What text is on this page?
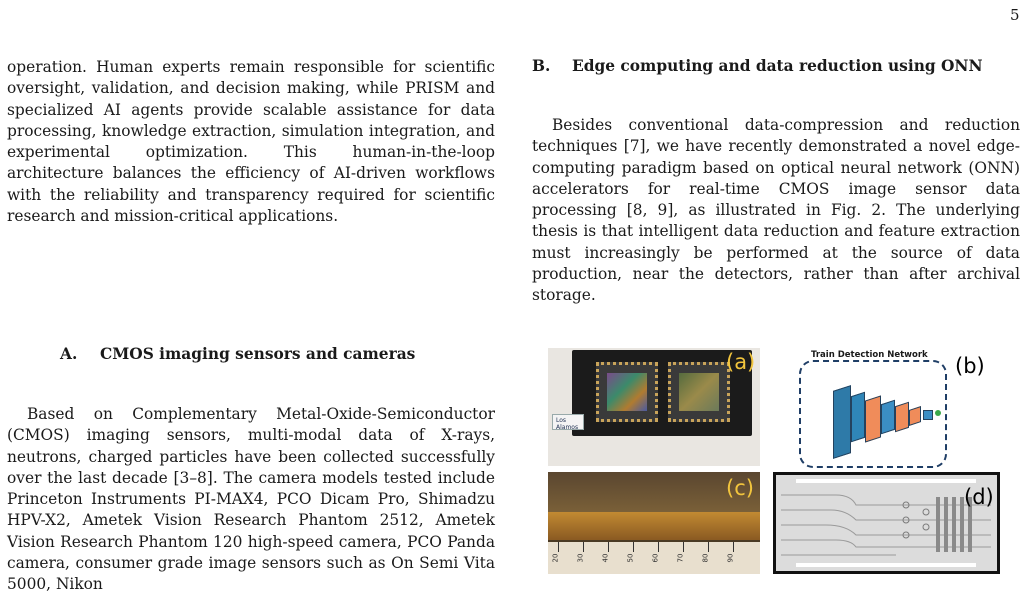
5

operation. Human experts remain responsible for scientific oversight, validation, and decision making, while PRISM and specialized AI agents provide scalable assistance for data processing, knowledge extraction, simulation integration, and experimental optimization. This human-in-the-loop architecture balances the efficiency of AI-driven workflows with the reliability and transparency required for scientific research and mission-critical applications.

A. CMOS imaging sensors and cameras

Based on Complementary Metal-Oxide-Semiconductor (CMOS) imaging sensors, multi-modal data of X-rays, neutrons, charged particles have been collected successfully over the last decade [3–8]. The camera models tested include Princeton Instruments PI-MAX4, PCO Dicam Pro, Shimadzu HPV-X2, Ametek Vision Research Phantom 2512, Ametek Vision Research Phantom 120 high-speed camera, PCO Panda camera, consumer grade image sensors such as On Semi Vita 5000, Nikon

B. Edge computing and data reduction using ONN

Besides conventional data-compression and reduction techniques [7], we have recently demonstrated a novel edge-computing paradigm based on optical neural network (ONN) accelerators for real-time CMOS image sensor data processing [8, 9], as illustrated in Fig. 2. The underlying thesis is that intelligent data reduction and feature extraction must increasingly be performed at the source of data production, near the detectors, rather than after archival storage.

Los Alamos
(a)	Train Detection Network (b)
20 30 40 50 60 70 80 90
(c)	(d)
